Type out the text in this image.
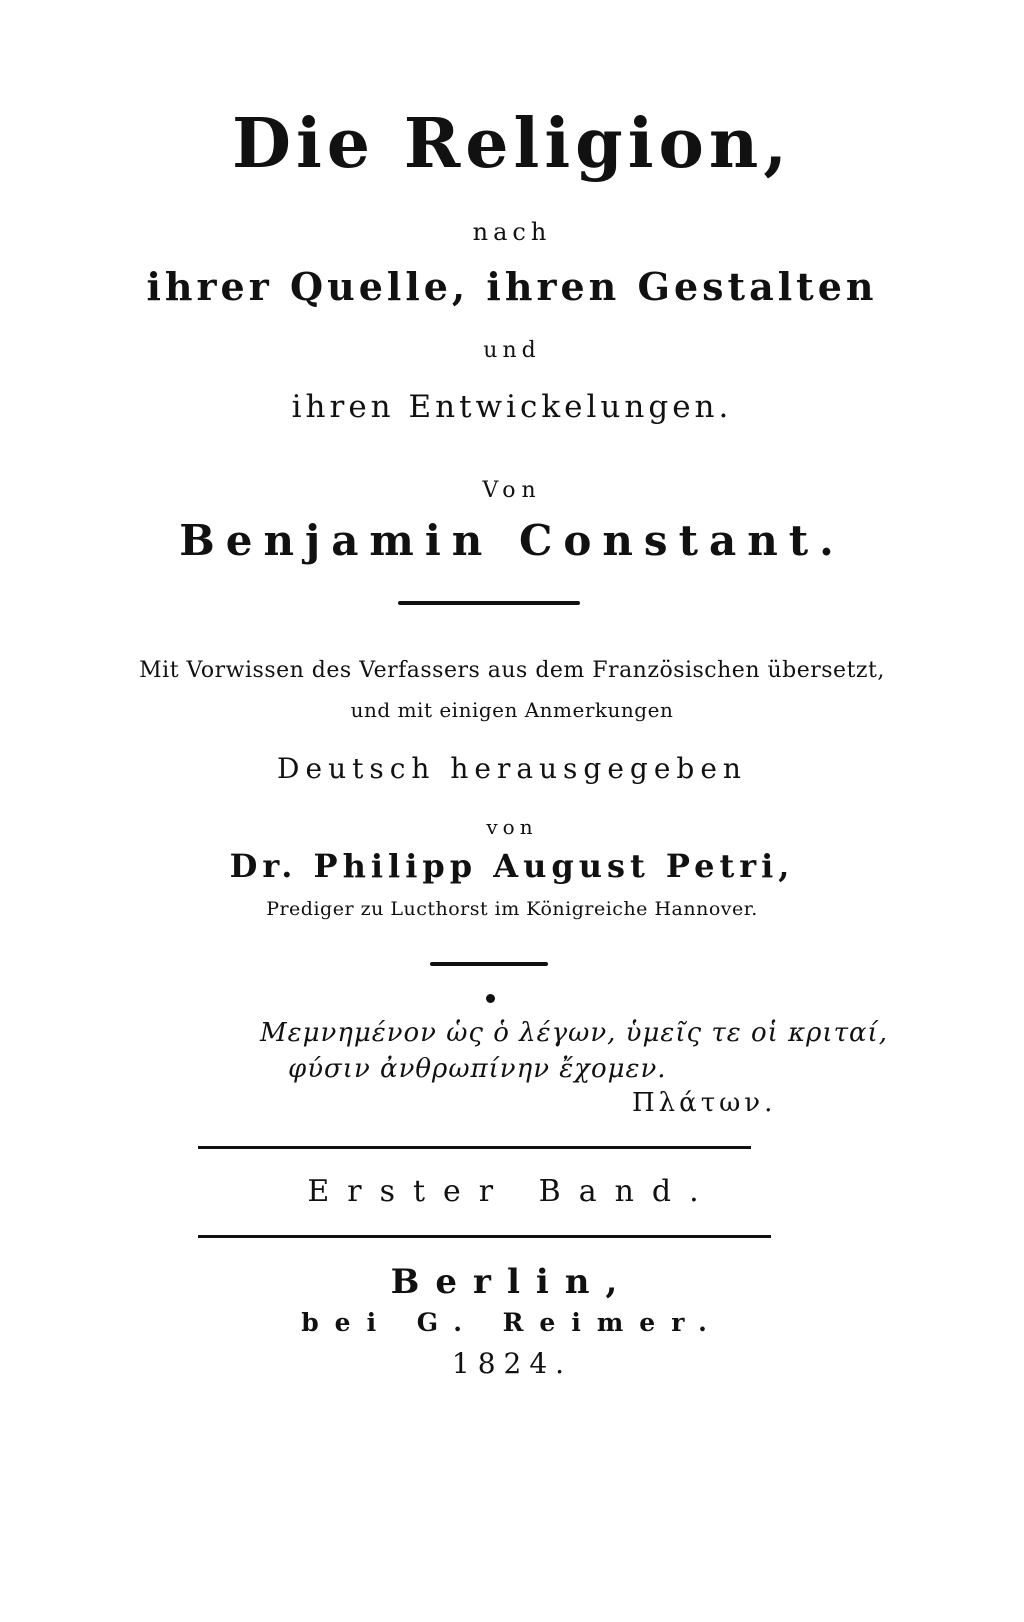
Die Religion,
nach
ihrer Quelle, ihren Gestalten
und
ihren Entwickelungen.
Von
Benjamin Constant.
Mit Vorwissen des Verfassers aus dem Französischen übersetzt,
und mit einigen Anmerkungen
Deutsch herausgegeben
von
Dr. Philipp August Petri,
Prediger zu Lucthorst im Königreiche Hannover.
Μεμνημένον ὡς ὁ λέγων, ὑμεῖς τε οἱ κριταί,
φύσιν ἀνθρωπίνην ἔχομεν.
Πλάτων.
Erster Band.
Berlin,
bei G. Reimer.
1824.
